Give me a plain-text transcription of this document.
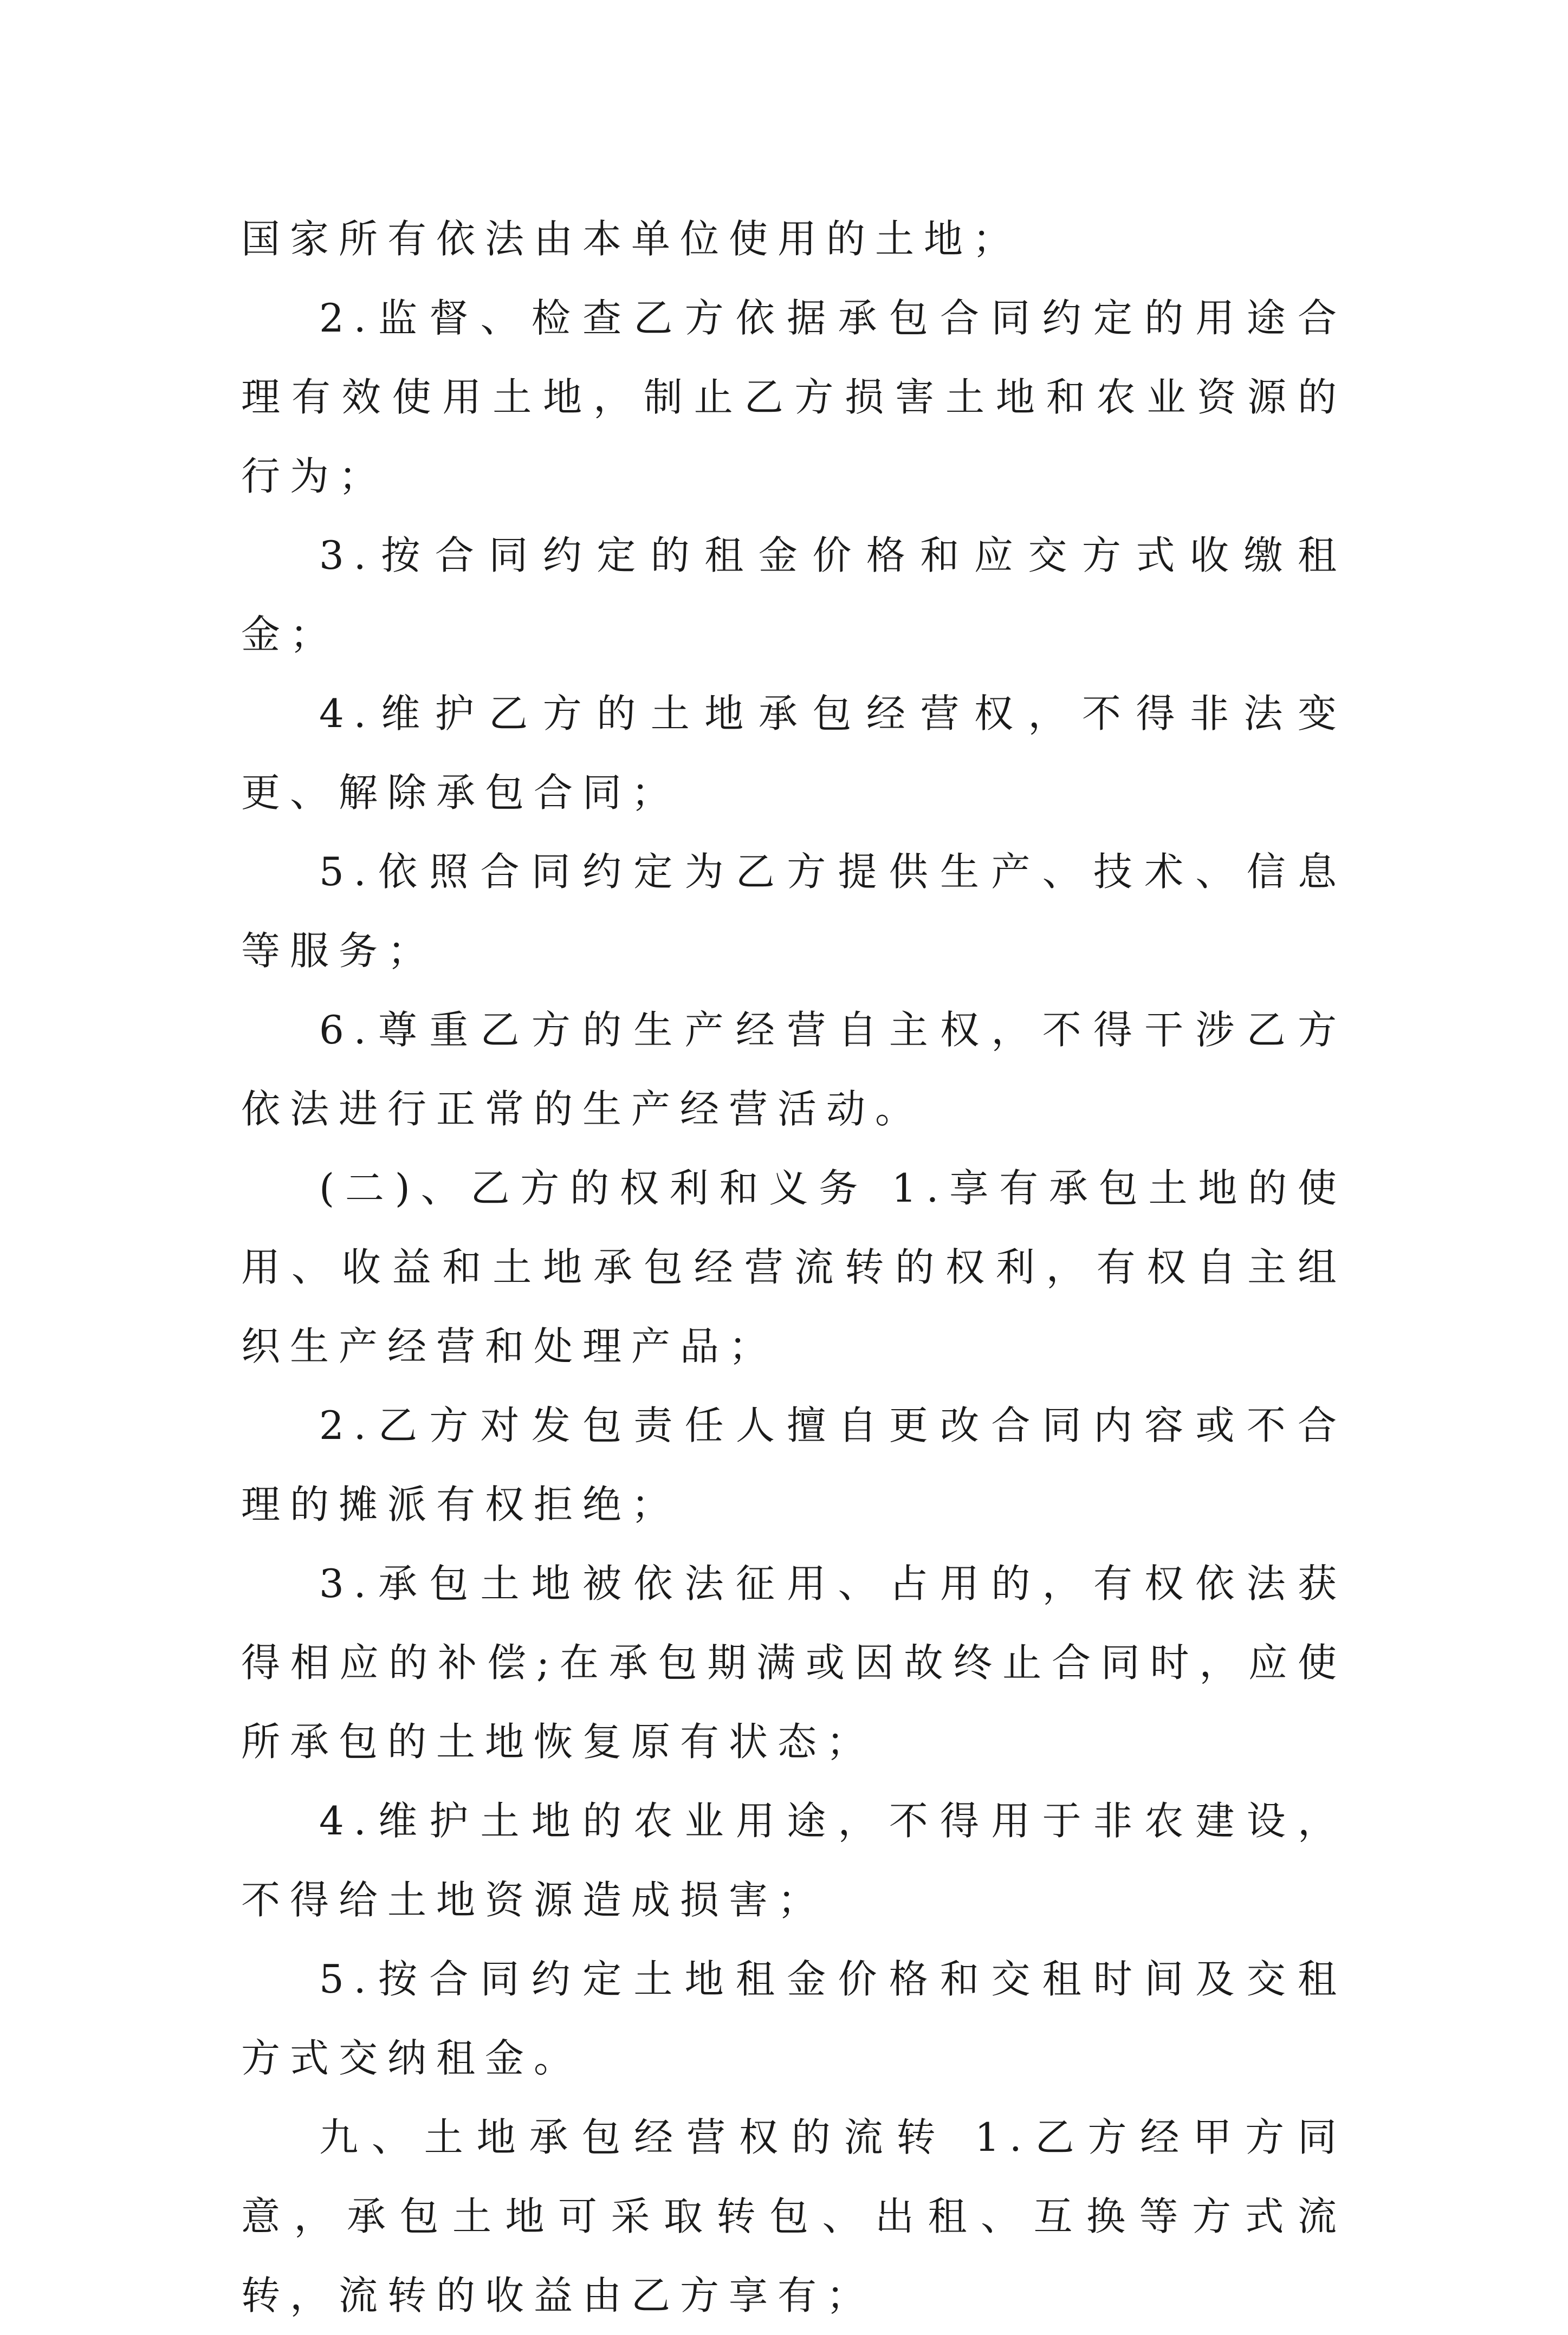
国家所有依法由本单位使用的土地；

2.监督、检查乙方依据承包合同约定的用途合理有效使用土地，制止乙方损害土地和农业资源的行为；

3.按合同约定的租金价格和应交方式收缴租金；

4.维护乙方的土地承包经营权，不得非法变更、解除承包合同；

5.依照合同约定为乙方提供生产、技术、信息等服务；

6.尊重乙方的生产经营自主权，不得干涉乙方依法进行正常的生产经营活动。

(二)、乙方的权利和义务 1.享有承包土地的使用、收益和土地承包经营流转的权利，有权自主组织生产经营和处理产品；

2.乙方对发包责任人擅自更改合同内容或不合理的摊派有权拒绝；

3.承包土地被依法征用、占用的，有权依法获得相应的补偿;在承包期满或因故终止合同时，应使所承包的土地恢复原有状态；

4.维护土地的农业用途，不得用于非农建设，不得给土地资源造成损害；

5.按合同约定土地租金价格和交租时间及交租方式交纳租金。

九、土地承包经营权的流转 1.乙方经甲方同意，承包土地可采取转包、出租、互换等方式流转，流转的收益由乙方享有；
